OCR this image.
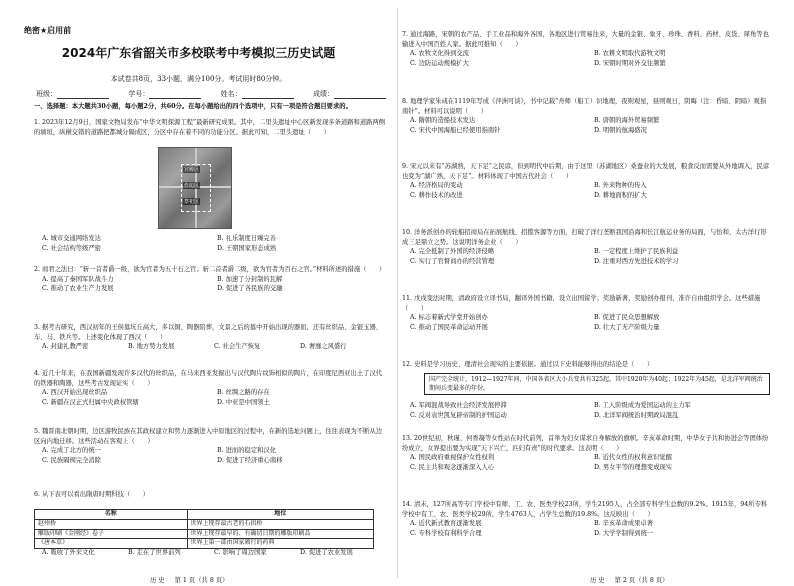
绝密★启用前
2024年广东省韶关市多校联考中考模拟三历史试题
本试卷共8页，33小题，满分100分。考试用时80分钟。
班级：	学号：	姓名：	成绩：
一、选择题：本大题共30小题，每小题2分，共60分。在每小题给出的四个选项中，只有一项是符合题目要求的。
1. 2023年12月9日，国家文物局发布“中华文明探源工程”最新研究成果。其中，二里头遗址中心区新发现多条道路和道路两侧的墙垣，纵横交错的道路把都城分隔成区，分区中存在着不同的功能分区。据此可知，二里头遗址（　　）
宫殿区
作坊区
祭祀区
A. 城市交通网络发达	B. 礼乐制度日臻完善
C. 社会结构等级严密	D. 王朝国家形态成熟
2. 商君之法曰：“斩一首者爵一级，欲为官者为五十石之官；斩二首者爵二级，欲为官者为百石之官。”材料所述的措施（　　）
A. 提高了秦国军队战斗力	B. 加速了分封制的瓦解
C. 推动了农业生产力发展	D. 促进了各民族的交融
3. 据考古研究，西汉初年的王侯墓坑丘高大，多以铜、陶器陪葬，文景之后的墓中开始出现的器皿，还有丝织品、金银玉器、车、马、铁兵等。上述变化体现了西汉（　　）
A. 封建礼教严密	B. 地方势力发展	C. 社会生产恢复	D. 奢靡之风盛行
4. 近几十年来，在我国新疆发现许多汉代的丝织品，在马来西亚发掘出与汉代陶片纹饰相似的陶片，在印度尼西亚出土了汉代的铁器和陶器，这些考古发现证实（　　）
A. 西汉开始出现丝织品	B. 丝绸之路的存在
C. 新疆在汉正式归属中央政权管辖	D. 中亚是中国领土
5. 魏晋南北朝时期，边区游牧民族在其政权建立和势力逐渐进入中原地区的过程中，在新的选址问题上，往往表现为不断从边区向内地迁移。这些活动在客观上（　　）
A. 完成了北方的统一	B. 进而的稳定和汉化
C. 民族隔阂完全消除	D. 促进了经济重心南移
6. 从下表可以看出隋唐时期科技（　　）
名称	地位
赵州桥	世界上现存最古老的石拱桥
雕版印刷《金刚经》卷子	世界上现存最早的、有确切日期的雕版印刷品
《唐本草》	世界上第一部由国家颁行的药典
A. 吸收了外来文化	B. 走在了世界前列	C. 影响了周边国家	D. 促进了农业发展
历 史 第 1 页（共 8 页）
7. 通过海路，宋朝的农产品、手工业品和海外各国、各地区进行贸易往来，大量的金银、象牙、珍珠、香料、药材、皮货、犀角等也输进入中国百姓人家。据此可推知（　　）
A. 农牧文化得到交流	B. 农耕文明取代游牧文明
C. 边防运动规模扩大	D. 宋朝时期对外交往频繁
8. 地理学家朱彧在1119年写成《萍洲可谈》，书中记载“舟师（船工）识地理，夜则观星，昼则观日，阴晦（注：昏暗、阴暗）观指南针”。材料可以说明（　　）
A. 隋朝的造船技术发达	B. 唐朝的海外贸易频繁
C. 宋代中国海船已经使用指南针	D. 明朝的航海盛况
9. 宋元以来有“苏湖熟，天下足”之民谚，但到明代中后期，由于这里（苏湖地区）桑蚕业的大发展，粮食反而需要从外地调入，民谚也变为“湖广熟，天下足”。材料体现了中国古代社会（　　）
A. 经济格局的变动	B. 外来物种的传入
C. 耕作技术的改进	D. 耕地面积的扩大
10. 洋务派创办的轮船招商局在拓展航线、招揽客源等方面，打破了洋行垄断我国沿海和长江航运业务的局面，与怡和、太古洋行形成三足鼎立之势。这说明洋务企业（　　）
A. 完全抵制了外国的经济侵略	B. 一定程度上维护了民族利益
C. 实行了官督商办的经营管理	D. 注重对西方先进技术的学习
11. 戊戌变法时期，清政府设立译书局，翻译外国书籍，设立出国留学；奖励新著，奖励创办报刊，准许自由组织学会。这些措施（　　）
A. 标志着新式学堂开始创办	B. 促进了民众思想解放
C. 推动了国民革命运动开展	D. 壮大了无产阶级力量
12. 史料是学习历史、理清社会现实的主要依据。通过以下史料能够得出的结论是（　　）
国产完全统计，1912—1927年间，中国各省区大小兵变共有325起，其中1920年为40起；1922年为45起，是北洋军阀统治期间兵变最多的年份。
A. 军阀混战导致社会经济发展停滞	B. 工人阶级成为爱国运动的主力军
C. 反对袁世凯复辟帝制的护国运动	D. 北洋军阀统治时期政局混乱
13. 20世纪初，秋瑾、何香凝等女性站在时代前列，首举为妇女谋求自身解放的旗帜。辛亥革命时期，中华女子共和协进会等团体纷纷成立，女界提出要为实现“天下兴亡，匹妇有责”的时代要求。这表明（　　）
A. 国民政府重视保护女性权利	B. 近代女性的权利意识觉醒
C. 民主共和观念逐渐深入人心	D. 男女平等的理想变成现实
14. 清末，127所高等专门学校中有师、工、农、医类学校23所，学生2195人，占全部专科学生总数的9.2%。1915年，94所专科学校中有工、农、医类学校29所，学生4763人，占学生总数的19.8%。这反映出（　　）
A. 近代新式教育逐渐发展	B. 辛亥革命成果卓著
C. 专科学校有利科学合理	D. 大学学制得到统一
历 史 第 2 页（共 8 页）
